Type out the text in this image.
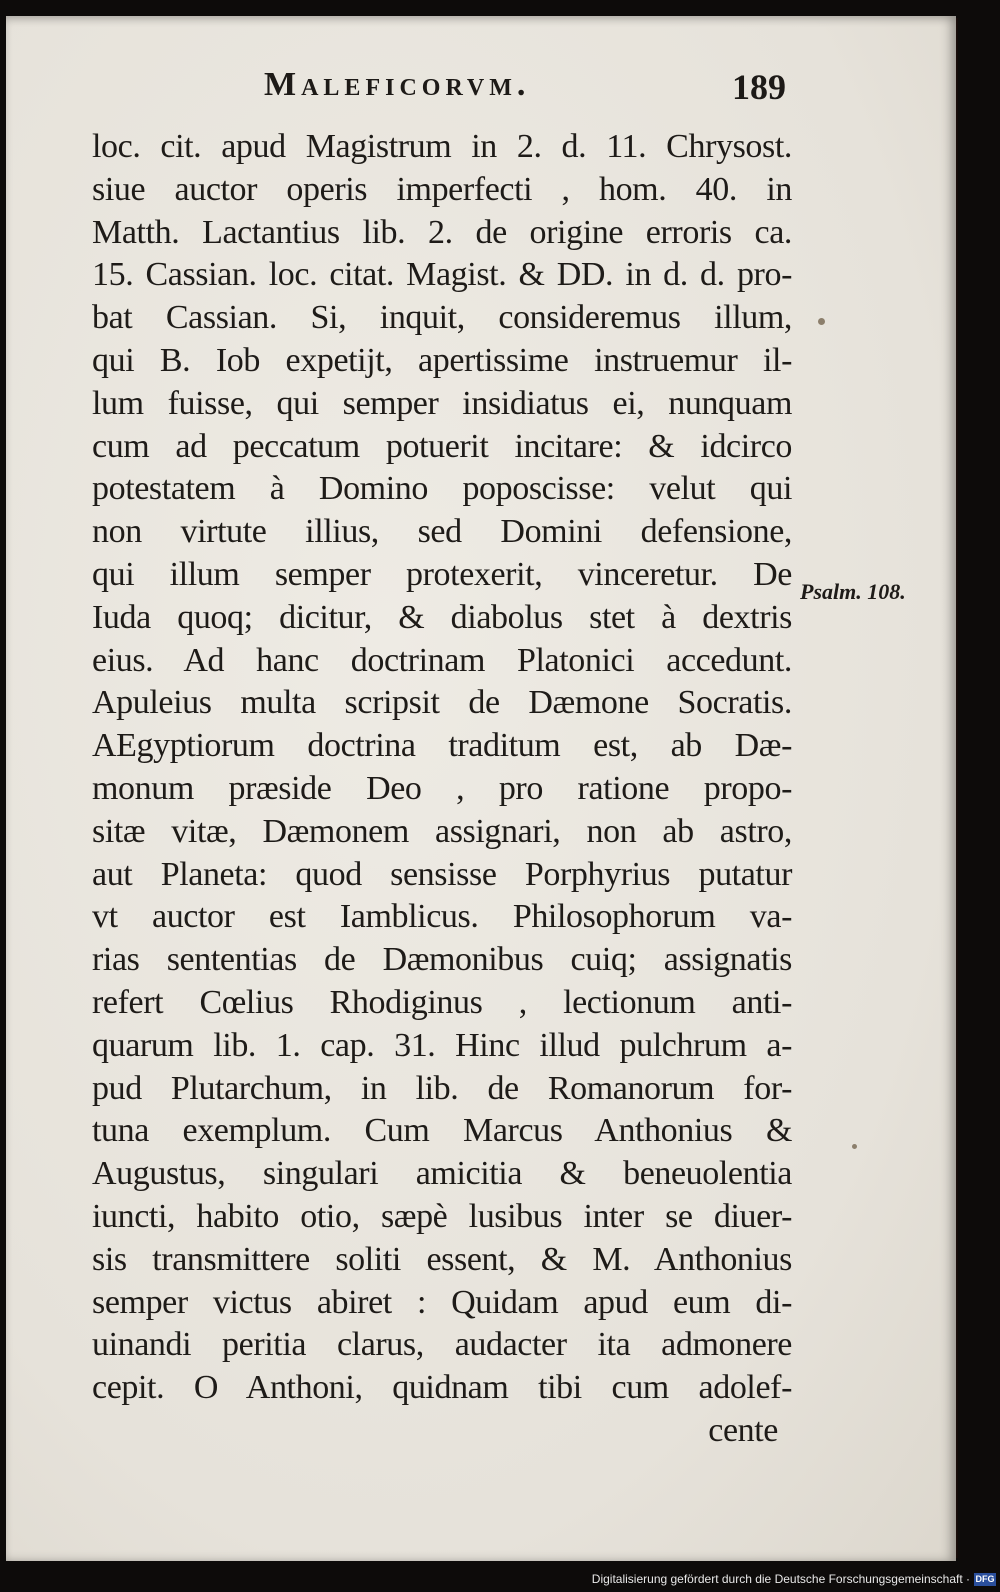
Maleficorvm.	189
loc. cit. apud Magistrum in 2. d. 11. Chrysost.
siue auctor operis imperfecti , hom. 40. in
Matth. Lactantius lib. 2. de origine erroris ca.
15. Cassian. loc. citat. Magist. & DD. in d. d. pro-
bat Cassian. Si, inquit, consideremus illum,
qui B. Iob expetijt, apertissime instruemur il-
lum fuisse, qui semper insidiatus ei, nunquam
cum ad peccatum potuerit incitare: & idcirco
potestatem à Domino poposcisse: velut qui
non virtute illius, sed Domini defensione,
qui illum semper protexerit, vinceretur. De
Iuda quoq; dicitur, & diabolus stet à dextris
eius. Ad hanc doctrinam Platonici accedunt.
Apuleius multa scripsit de Dæmone Socratis.
AEgyptiorum doctrina traditum est, ab Dæ-
monum præside Deo , pro ratione propo-
sitæ vitæ, Dæmonem assignari, non ab astro,
aut Planeta: quod sensisse Porphyrius putatur
vt auctor est Iamblicus. Philosophorum va-
rias sententias de Dæmonibus cuiq; assignatis
refert Cœlius Rhodiginus , lectionum anti-
quarum lib. 1. cap. 31. Hinc illud pulchrum a-
pud Plutarchum, in lib. de Romanorum for-
tuna exemplum. Cum Marcus Anthonius &
Augustus, singulari amicitia & beneuolentia
iuncti, habito otio, sæpè lusibus inter se diuer-
sis transmittere soliti essent, & M. Anthonius
semper victus abiret : Quidam apud eum di-
uinandi peritia clarus, audacter ita admonere
cepit. O Anthoni, quidnam tibi cum adolef-
cente
Psalm. 108.
Digitalisierung gefördert durch die Deutsche Forschungsgemeinschaft · DFG
